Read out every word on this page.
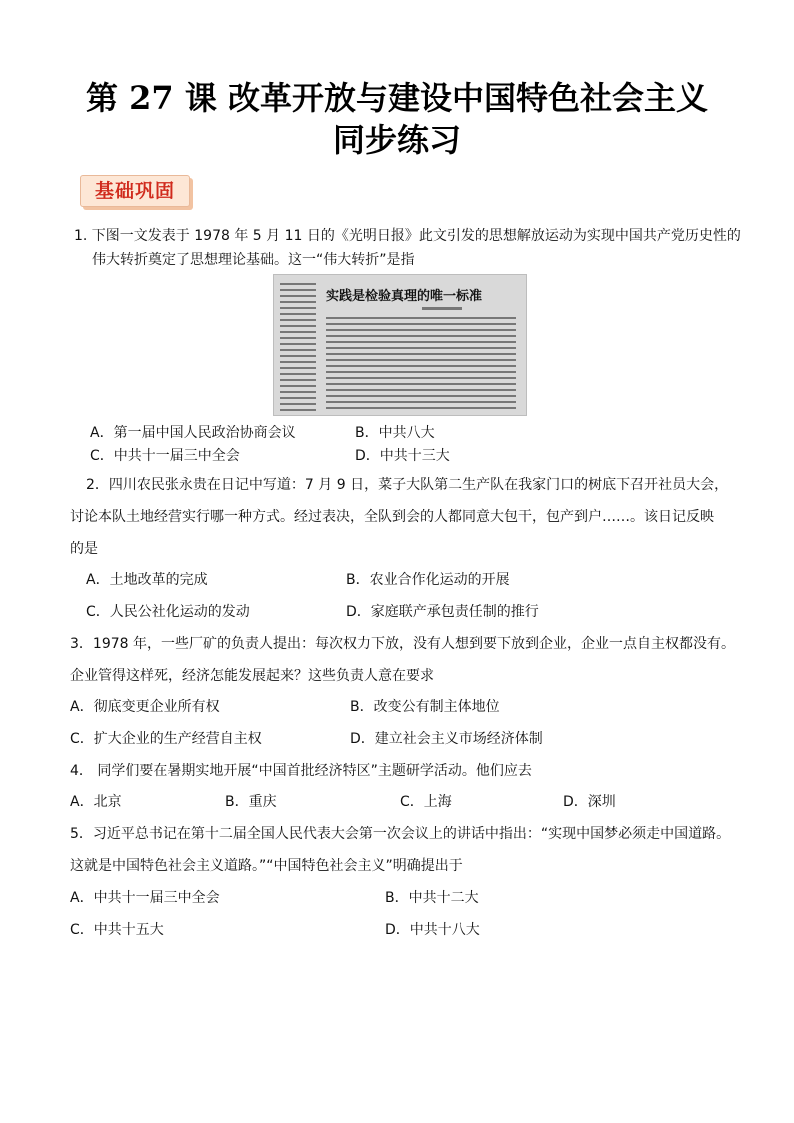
第 27 课 改革开放与建设中国特色社会主义
同步练习
基础巩固
1. 下图一文发表于 1978 年 5 月 11 日的《光明日报》此文引发的思想解放运动为实现中国共产党历史性的
伟大转折奠定了思想理论基础。这一“伟大转折”是指
实践是检验真理的唯一标准
A．第一届中国人民政治协商会议	B．中共八大
C．中共十一届三中全会	D．中共十三大
2．四川农民张永贵在日记中写道：7 月 9 日，菜子大队第二生产队在我家门口的树底下召开社员大会，
讨论本队土地经营实行哪一种方式。经过表决，全队到会的人都同意大包干，包产到户……。该日记反映
的是
A．土地改革的完成	B．农业合作化运动的开展
C．人民公社化运动的发动	D．家庭联产承包责任制的推行
3．1978 年，一些厂矿的负责人提出：每次权力下放，没有人想到要下放到企业，企业一点自主权都没有。
企业管得这样死，经济怎能发展起来？这些负责人意在要求
A．彻底变更企业所有权	B．改变公有制主体地位
C．扩大企业的生产经营自主权	D．建立社会主义市场经济体制
4． 同学们要在暑期实地开展“中国首批经济特区”主题研学活动。他们应去
A．北京	B．重庆	C．上海	D．深圳
5．习近平总书记在第十二届全国人民代表大会第一次会议上的讲话中指出：“实现中国梦必须走中国道路。
这就是中国特色社会主义道路。”“中国特色社会主义”明确提出于
A．中共十一届三中全会	B．中共十二大
C．中共十五大	D．中共十八大
